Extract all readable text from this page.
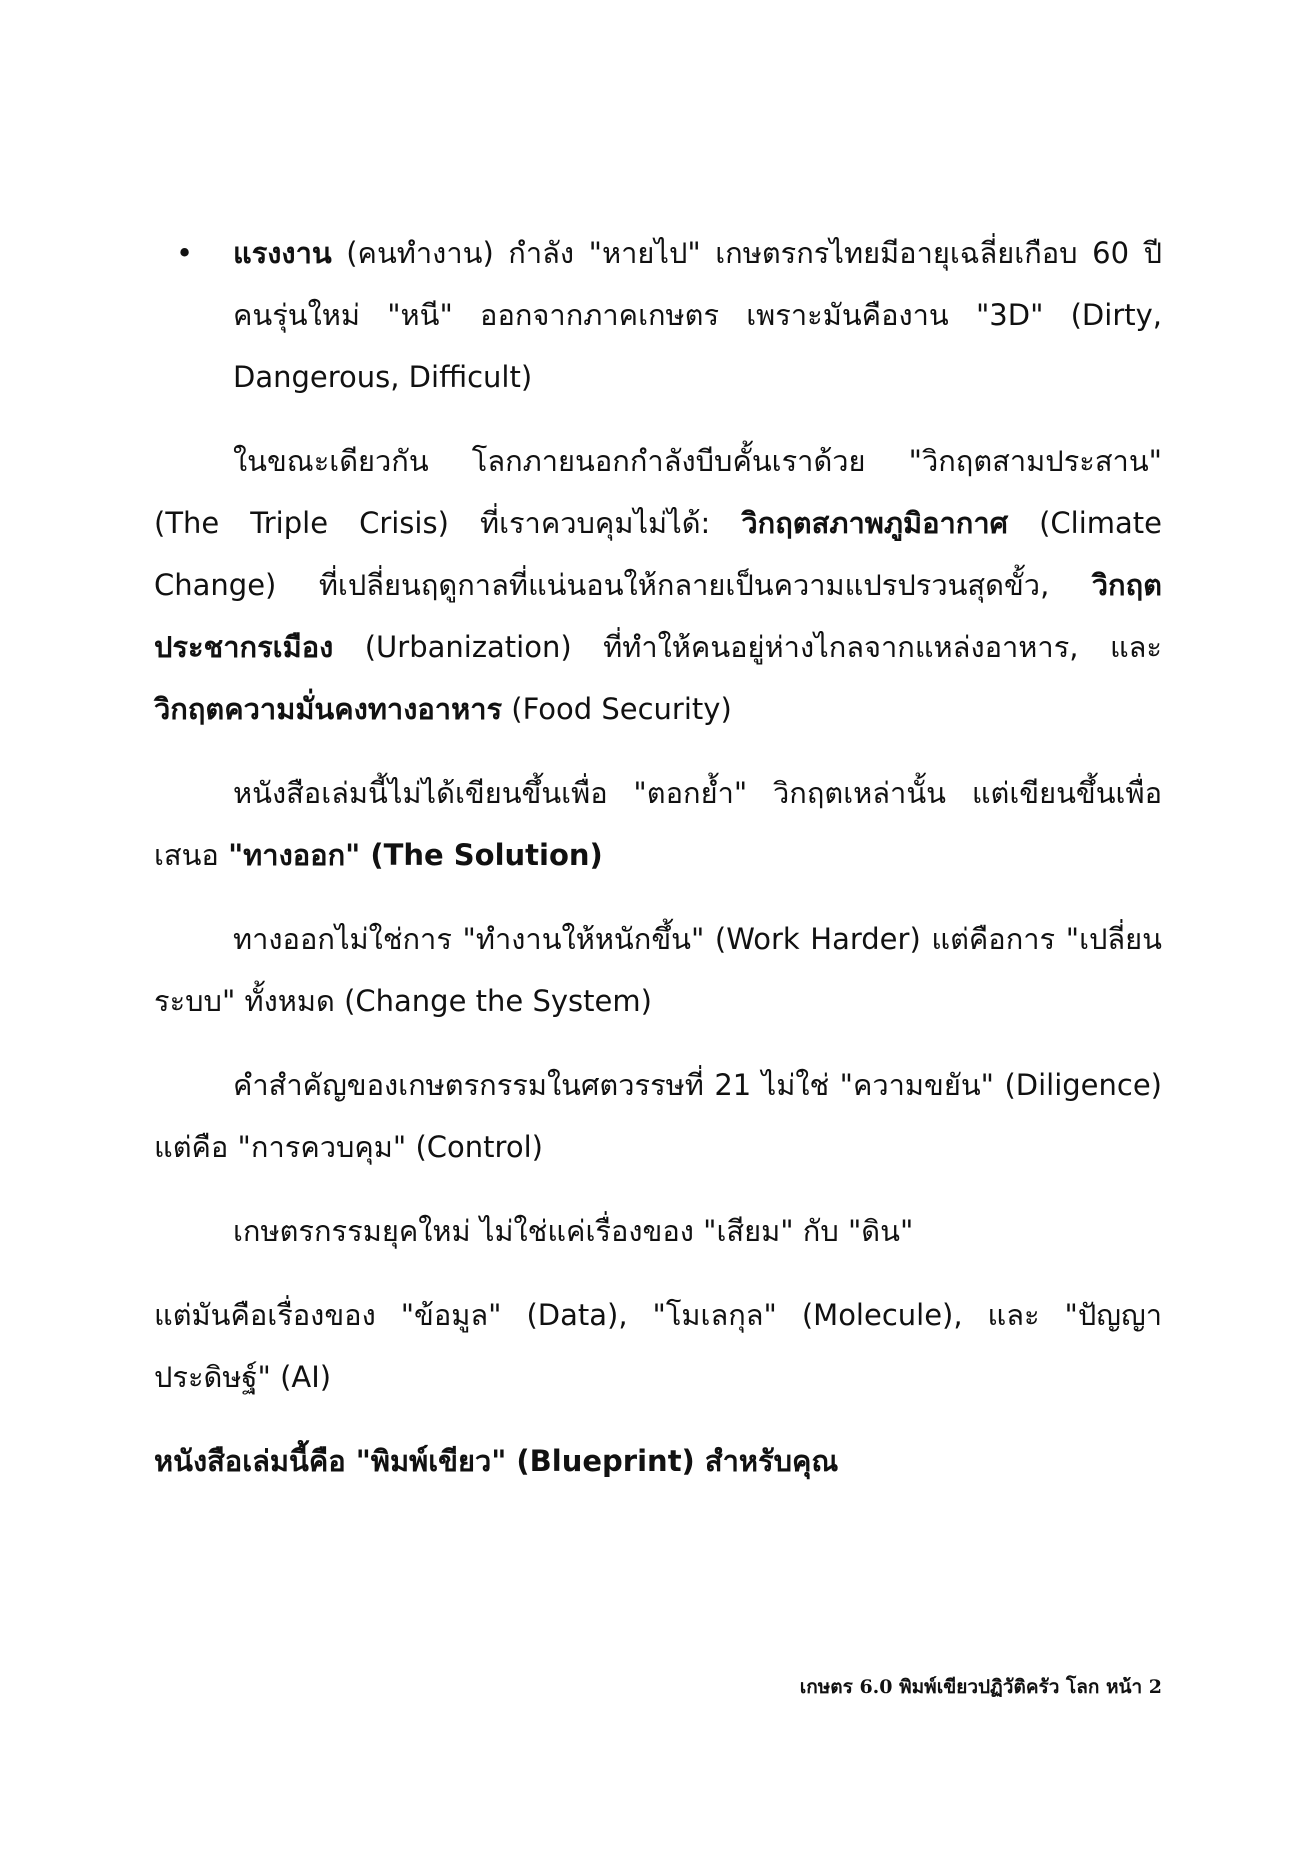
• แรงงาน (คนทำงาน) กำลัง "หายไป" เกษตรกรไทยมีอายุเฉลี่ยเกือบ 60 ปี คนรุ่นใหม่ "หนี" ออกจากภาคเกษตร เพราะมันคืองาน "3D" (Dirty, Dangerous, Difficult)

ในขณะเดียวกัน โลกภายนอกกำลังบีบคั้นเราด้วย "วิกฤตสามประสาน" (The Triple Crisis) ที่เราควบคุมไม่ได้: วิกฤตสภาพภูมิอากาศ (Climate Change) ที่เปลี่ยนฤดูกาลที่แน่นอนให้กลายเป็นความแปรปรวนสุดขั้ว, วิกฤตประชากรเมือง (Urbanization) ที่ทำให้คนอยู่ห่างไกลจากแหล่งอาหาร, และ วิกฤตความมั่นคงทางอาหาร (Food Security)

หนังสือเล่มนี้ไม่ได้เขียนขึ้นเพื่อ "ตอกย้ำ" วิกฤตเหล่านั้น แต่เขียนขึ้นเพื่อเสนอ "ทางออก" (The Solution)

ทางออกไม่ใช่การ "ทำงานให้หนักขึ้น" (Work Harder) แต่คือการ "เปลี่ยนระบบ" ทั้งหมด (Change the System)

คำสำคัญของเกษตรกรรมในศตวรรษที่ 21 ไม่ใช่ "ความขยัน" (Diligence) แต่คือ "การควบคุม" (Control)

เกษตรกรรมยุคใหม่ ไม่ใช่แค่เรื่องของ "เสียม" กับ "ดิน"

แต่มันคือเรื่องของ "ข้อมูล" (Data), "โมเลกุล" (Molecule), และ "ปัญญาประดิษฐ์" (AI)

หนังสือเล่มนี้คือ "พิมพ์เขียว" (Blueprint) สำหรับคุณ

เกษตร 6.0 พิมพ์เขียวปฏิวัติครัว โลก หน้า 2
